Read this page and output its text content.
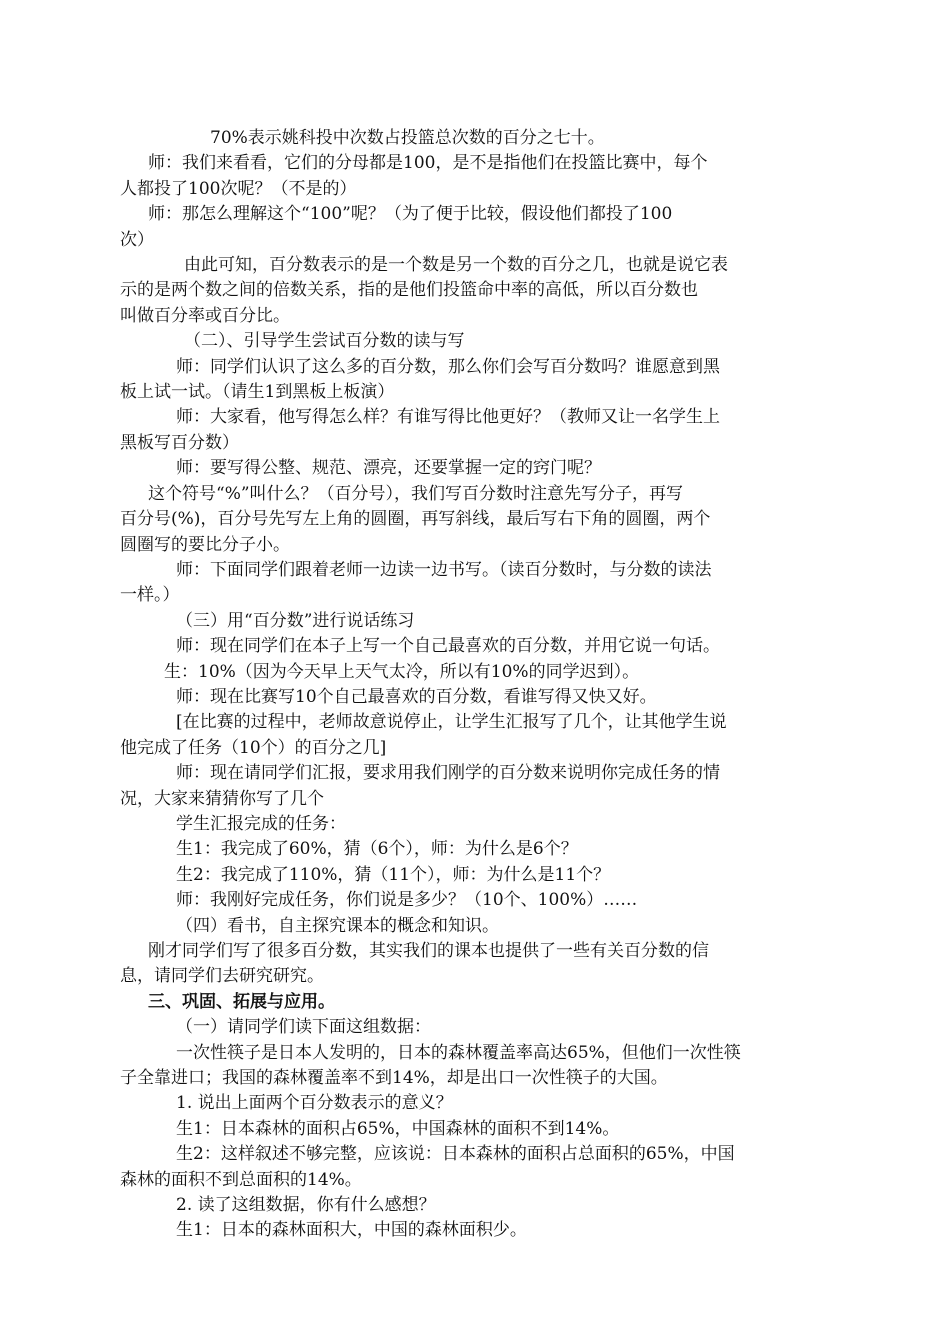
70%表示姚科投中次数占投篮总次数的百分之七十。

师：我们来看看，它们的分母都是100，是不是指他们在投篮比赛中，每个

人都投了100次呢？（不是的）

师：那怎么理解这个“100”呢？（为了便于比较，假设他们都投了100

次）

由此可知，百分数表示的是一个数是另一个数的百分之几，也就是说它表

示的是两个数之间的倍数关系，指的是他们投篮命中率的高低，所以百分数也

叫做百分率或百分比。

（二）、引导学生尝试百分数的读与写

师：同学们认识了这么多的百分数，那么你们会写百分数吗？谁愿意到黑

板上试一试。（请生1到黑板上板演）

师：大家看，他写得怎么样？有谁写得比他更好？（教师又让一名学生上

黑板写百分数）

师：要写得公整、规范、漂亮，还要掌握一定的窍门呢？

这个符号“%”叫什么？（百分号），我们写百分数时注意先写分子，再写

百分号(%)，百分号先写左上角的圆圈，再写斜线，最后写右下角的圆圈，两个

圆圈写的要比分子小。

师：下面同学们跟着老师一边读一边书写。（读百分数时，与分数的读法

一样。）

（三）用“百分数”进行说话练习

师：现在同学们在本子上写一个自己最喜欢的百分数，并用它说一句话。

生：10%（因为今天早上天气太冷，所以有10%的同学迟到）。

师：现在比赛写10个自己最喜欢的百分数，看谁写得又快又好。

[在比赛的过程中，老师故意说停止，让学生汇报写了几个，让其他学生说

他完成了任务（10个）的百分之几]

师：现在请同学们汇报，要求用我们刚学的百分数来说明你完成任务的情

况，大家来猜猜你写了几个

学生汇报完成的任务：

生1：我完成了60%，猜（6个），师：为什么是6个？

生2：我完成了110%，猜（11个），师：为什么是11个？

师：我刚好完成任务，你们说是多少？（10个、100%）……

（四）看书，自主探究课本的概念和知识。

刚才同学们写了很多百分数，其实我们的课本也提供了一些有关百分数的信

息，请同学们去研究研究。

三、巩固、拓展与应用。

（一）请同学们读下面这组数据：

一次性筷子是日本人发明的，日本的森林覆盖率高达65%，但他们一次性筷

子全靠进口；我国的森林覆盖率不到14%，却是出口一次性筷子的大国。

1. 说出上面两个百分数表示的意义？

生1：日本森林的面积占65%，中国森林的面积不到14%。

生2：这样叙述不够完整，应该说：日本森林的面积占总面积的65%，中国

森林的面积不到总面积的14%。

2. 读了这组数据，你有什么感想？

生1：日本的森林面积大，中国的森林面积少。
